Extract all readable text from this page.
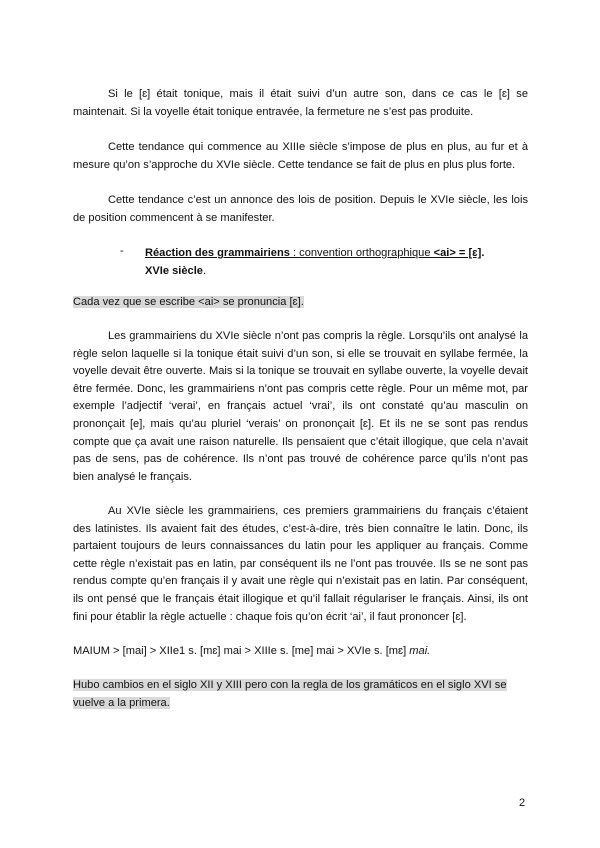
Si le [ɛ] était tonique, mais il était suivi d’un autre son, dans ce cas le [ɛ] se maintenait. Si la voyelle était tonique entravée, la fermeture ne s’est pas produite.

Cette tendance qui commence au XIIIe siècle s’impose de plus en plus, au fur et à mesure qu’on s’approche du XVIe siècle. Cette tendance se fait de plus en plus plus forte.

Cette tendance c’est un annonce des lois de position. Depuis le XVIe siècle, les lois de position commencent à se manifester.

- Réaction des grammairiens : convention orthographique <ai> = [ɛ].
XVIe siècle.

Cada vez que se escribe <ai> se pronuncia [ɛ].

Les grammairiens du XVIe siècle n’ont pas compris la règle. Lorsqu’ils ont analysé la règle selon laquelle si la tonique était suivi d’un son, si elle se trouvait en syllabe fermée, la voyelle devait être ouverte. Mais si la tonique se trouvait en syllabe ouverte, la voyelle devait être fermée. Donc, les grammairiens n’ont pas compris cette règle. Pour un même mot, par exemple l’adjectif ‘verai’, en français actuel ‘vrai’, ils ont constaté qu’au masculin on prononçait [e], mais qu’au pluriel ‘verais’ on prononçait [ɛ]. Et ils ne se sont pas rendus compte que ça avait une raison naturelle. Ils pensaient que c’était illogique, que cela n’avait pas de sens, pas de cohérence. Ils n’ont pas trouvé de cohérence parce qu’ils n’ont pas bien analysé le français.

Au XVIe siècle les grammairiens, ces premiers grammairiens du français c’étaient des latinistes. Ils avaient fait des études, c’est-à-dire, très bien connaître le latin. Donc, ils partaient toujours de leurs connaissances du latin pour les appliquer au français. Comme cette règle n’existait pas en latin, par conséquent ils ne l’ont pas trouvée. Ils se ne sont pas rendus compte qu’en français il y avait une règle qui n’existait pas en latin. Par conséquent, ils ont pensé que le français était illogique et qu’il fallait régulariser le français. Ainsi, ils ont fini pour établir la règle actuelle : chaque fois qu’on écrit ‘ai’, il faut prononcer [ɛ].

MAIUM > [mai] > XIIe1 s. [mɛ] mai > XIIIe s. [me] mai > XVIe s. [mɛ] mai.

Hubo cambios en el siglo XII y XIII pero con la regla de los gramáticos en el siglo XVI se vuelve a la primera.

2
